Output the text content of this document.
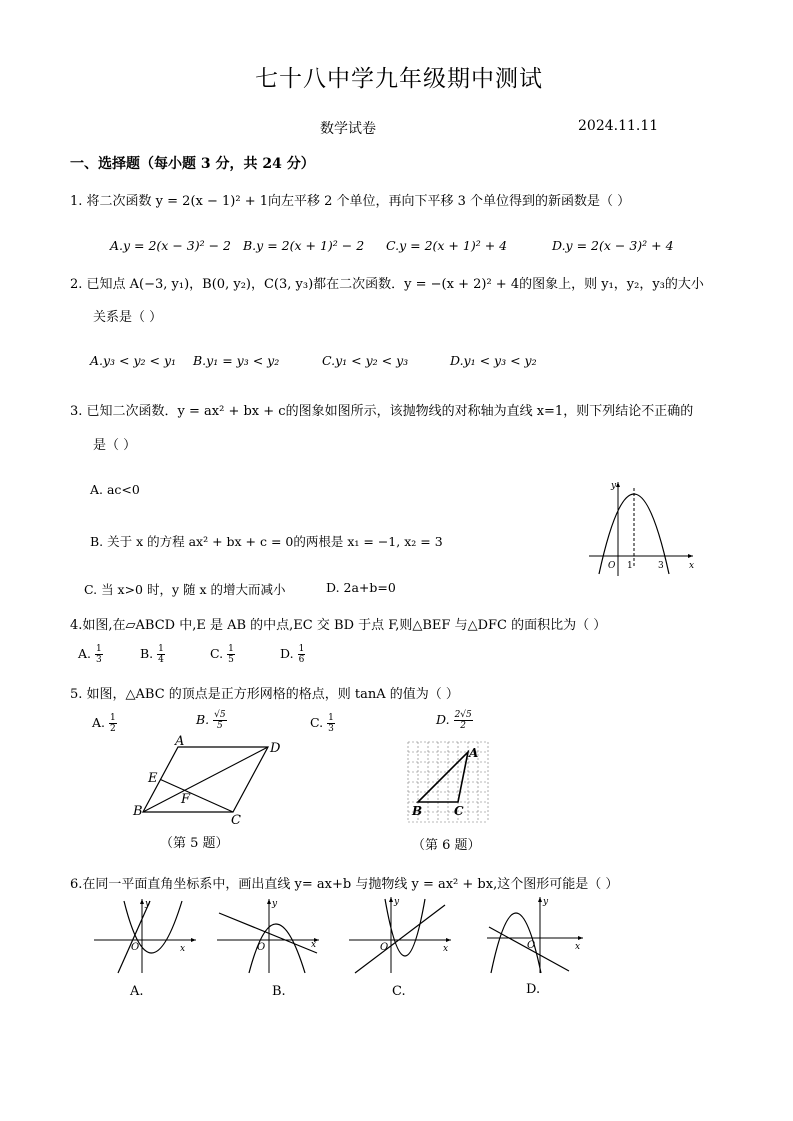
七十八中学九年级期中测试
数学试卷	2024.11.11
一、选择题（每小题 3 分，共 24 分）
1. 将二次函数 y = 2(x − 1)² + 1向左平移 2 个单位，再向下平移 3 个单位得到的新函数是（ ）
A.y = 2(x − 3)² − 2 B.y = 2(x + 1)² − 2 C.y = 2(x + 1)² + 4	D.y = 2(x − 3)² + 4
2. 已知点 A(−3, y₁)，B(0, y₂)，C(3, y₃)都在二次函数．y = −(x + 2)² + 4的图象上，则 y₁，y₂，y₃的大小
关系是（ ）
A.y₃ < y₂ < y₁ B.y₁ = y₃ < y₂	C.y₁ < y₂ < y₃	D.y₁ < y₃ < y₂
3. 已知二次函数．y = ax² + bx + c的图象如图所示，该抛物线的对称轴为直线 x=1，则下列结论不正确的
是（ ）
A. ac<0
B. 关于 x 的方程 ax² + bx + c = 0的两根是 x₁ = −1, x₂ = 3
C. 当 x>0 时，y 随 x 的增大而减小	D. 2a+b=0
y
x
O 1	3
4.如图,在▱ABCD 中,E 是 AB 的中点,EC 交 BD 于点 F,则△BEF 与△DFC 的面积比为（ ）
A. $\frac{1}{3}$	B. $\frac{1}{4}$	C. $\frac{1}{5}$	D. $\frac{1}{6}$
5. 如图，△ABC 的顶点是正方形网格的格点，则 tanA 的值为（ ）
A. $\frac{1}{2}$	B. $\frac{√5}{5}$	C. $\frac{1}{3}$	D. $\frac{2√5}{2}$
A	D
B
C
E
F
（第 5 题）
A
B	C
（第 6 题）
6.在同一平面直角坐标系中，画出直线 y= ax+b 与抛物线 y = ax² + bx,这个图形可能是（ ）
y
x
O
A.
y
x
O
B.
y
x
O
C.
y
x
O
D.
